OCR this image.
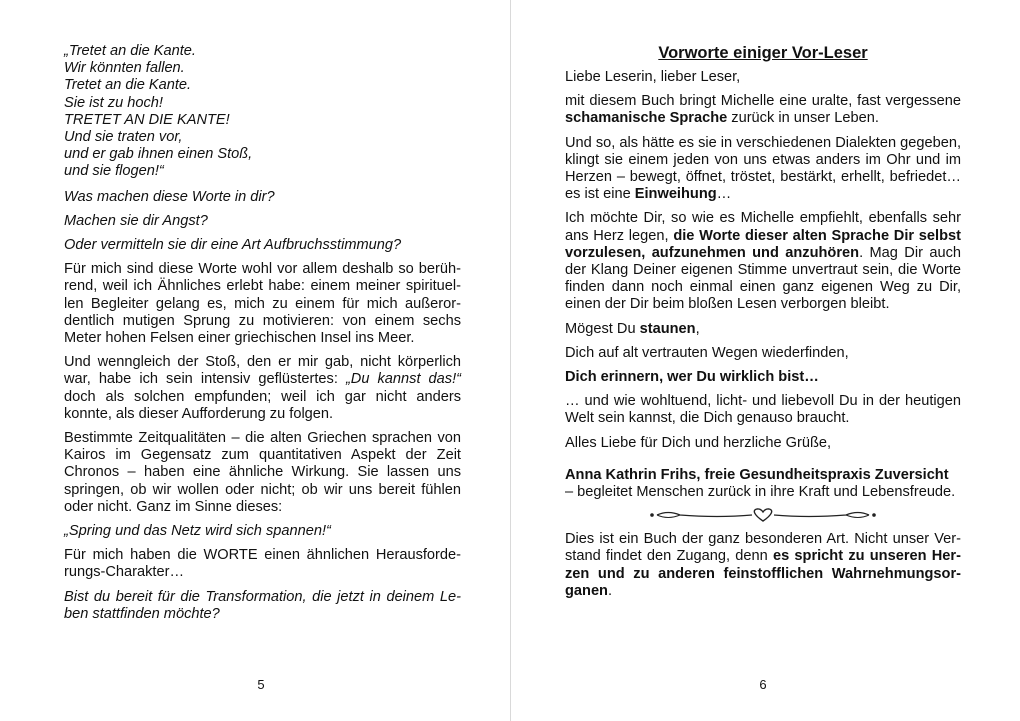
„Tretet an die Kante.
Wir könnten fallen.
Tretet an die Kante.
Sie ist zu hoch!
TRETET AN DIE KANTE!
Und sie traten vor,
und er gab ihnen einen Stoß,
und sie flogen!“

Was machen diese Worte in dir?

Machen sie dir Angst?

Oder vermitteln sie dir eine Art Aufbruchsstimmung?

Für mich sind diese Worte wohl vor allem deshalb so berührend, weil ich Ähnliches erlebt habe: einem meiner spirituellen Begleiter gelang es, mich zu einem für mich außerordentlich mutigen Sprung zu motivieren: von einem sechs Meter hohen Felsen einer griechischen Insel ins Meer.

Und wenngleich der Stoß, den er mir gab, nicht körperlich war, habe ich sein intensiv geflüstertes: „Du kannst das!“ doch als solchen empfunden; weil ich gar nicht anders konnte, als dieser Aufforderung zu folgen.

Bestimmte Zeitqualitäten – die alten Griechen sprachen von Kairos im Gegensatz zum quantitativen Aspekt der Zeit Chronos – haben eine ähnliche Wirkung. Sie lassen uns springen, ob wir wollen oder nicht; ob wir uns bereit fühlen oder nicht. Ganz im Sinne dieses:

„Spring und das Netz wird sich spannen!“

Für mich haben die WORTE einen ähnlichen Herausforderungs-Charakter…

Bist du bereit für die Transformation, die jetzt in deinem Leben stattfinden möchte?

5
Vorworte einiger Vor-Leser

Liebe Leserin, lieber Leser,

mit diesem Buch bringt Michelle eine uralte, fast vergessene schamanische Sprache zurück in unser Leben.

Und so, als hätte es sie in verschiedenen Dialekten gegeben, klingt sie einem jeden von uns etwas anders im Ohr und im Herzen – bewegt, öffnet, tröstet, bestärkt, erhellt, befriedet… es ist eine Einweihung…

Ich möchte Dir, so wie es Michelle empfiehlt, ebenfalls sehr ans Herz legen, die Worte dieser alten Sprache Dir selbst vorzulesen, aufzunehmen und anzuhören. Mag Dir auch der Klang Deiner eigenen Stimme unvertraut sein, die Worte finden dann noch einmal einen ganz eigenen Weg zu Dir, einen der Dir beim bloßen Lesen verborgen bleibt.

Mögest Du staunen,

Dich auf alt vertrauten Wegen wiederfinden,

Dich erinnern, wer Du wirklich bist…

… und wie wohltuend, licht- und liebevoll Du in der heutigen Welt sein kannst, die Dich genauso braucht.

Alles Liebe für Dich und herzliche Grüße,

Anna Kathrin Frihs, freie Gesundheitspraxis Zuversicht
– begleitet Menschen zurück in ihre Kraft und Lebensfreude.

Dies ist ein Buch der ganz besonderen Art. Nicht unser Verstand findet den Zugang, denn es spricht zu unseren Herzen und zu anderen feinstofflichen Wahrnehmungsorganen.

6
